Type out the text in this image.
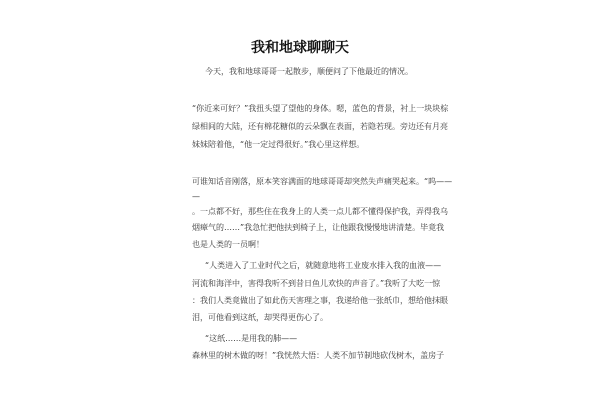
我和地球聊聊天

今天，我和地球哥哥一起散步，顺便问了下他最近的情况。

“你近来可好？”我扭头望了望他的身体。嗯，蓝色的背景，衬上一块块棕

绿相间的大陆，还有棉花糖似的云朵飘在表面，若隐若现。旁边还有月亮

妹妹陪着他，“他一定过得很好。”我心里这样想。

可谁知话音刚落，原本笑容满面的地球哥哥却突然失声痛哭起来。“呜——

—

。一点都不好，那些住在我身上的人类一点儿都不懂得保护我，弄得我乌

烟瘴气的……”我急忙把他扶到椅子上，让他跟我慢慢地讲清楚。毕竟我

也是人类的一员啊！

“人类进入了工业时代之后，就随意地将工业废水排入我的血液——

河流和海洋中，害得我听不到昔日鱼儿欢快的声音了。”我听了大吃一惊

：我们人类竟做出了如此伤天害理之事，我递给他一张纸巾，想给他抹眼

泪，可他看到这纸，却哭得更伤心了。

“这纸……是用我的肺——

森林里的树木做的呀！”我恍然大悟：人类不加节制地砍伐树木，盖房子
